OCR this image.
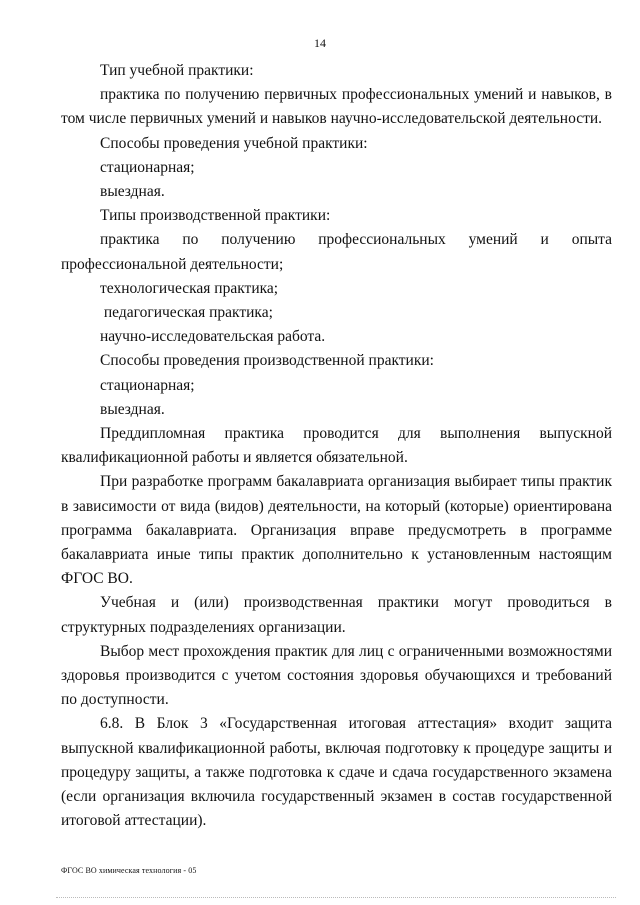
14

Тип учебной практики:

практика по получению первичных профессиональных умений и навыков, в том числе первичных умений и навыков научно-исследовательской деятельности.

Способы проведения учебной практики:

стационарная;

выездная.

Типы производственной практики:

практика по получению профессиональных умений и опыта профессиональной деятельности;

технологическая практика;

педагогическая практика;

научно-исследовательская работа.

Способы проведения производственной практики:

стационарная;

выездная.

Преддипломная практика проводится для выполнения выпускной квалификационной работы и является обязательной.

При разработке программ бакалавриата организация выбирает типы практик в зависимости от вида (видов) деятельности, на который (которые) ориентирована программа бакалавриата. Организация вправе предусмотреть в программе бакалавриата иные типы практик дополнительно к установленным настоящим ФГОС ВО.

Учебная и (или) производственная практики могут проводиться в структурных подразделениях организации.

Выбор мест прохождения практик для лиц с ограниченными возможностями здоровья производится с учетом состояния здоровья обучающихся и требований по доступности.

6.8. В Блок 3 «Государственная итоговая аттестация» входит защита выпускной квалификационной работы, включая подготовку к процедуре защиты и процедуру защиты, а также подготовка к сдаче и сдача государственного экзамена (если организация включила государственный экзамен в состав государственной итоговой аттестации).

ФГОС ВО химическая технология - 05
